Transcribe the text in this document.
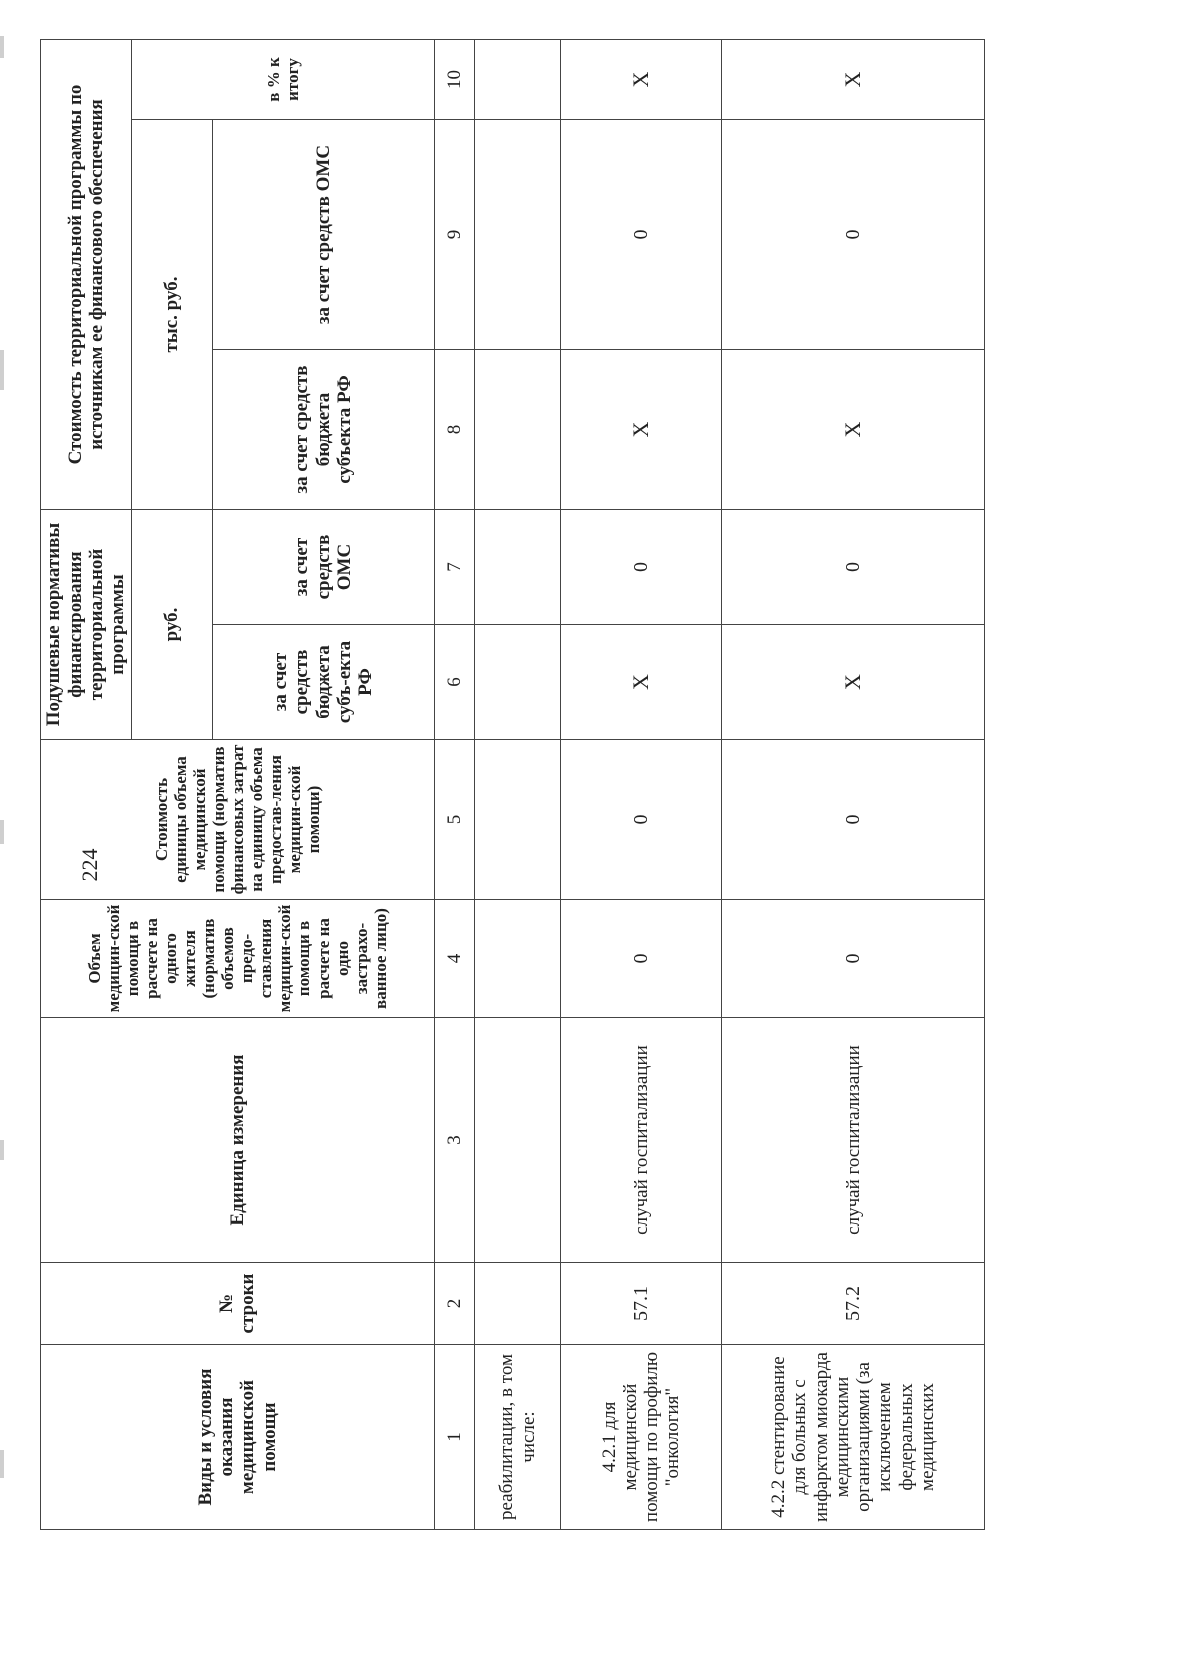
224
Виды и условия оказания медицинской помощи	№ строки	Единица измерения	Объем медицин-ской помощи в расчете на одного жителя (норматив объемов предо-ставления медицин-ской помощи в расчете на одно застрахо-ванное лицо)	Стоимость единицы объема медицинской помощи (норматив финансовых затрат на единицу объема предостав-ления медицин-ской помощи)	Подушевые нормативы финансирования территориальной программы		Стоимость территориальной программы по источникам ее финансового обеспечения		
					руб.		тыс. руб.		в % к итогу
					за счет средств бюджета субъ-екта РФ	за счет средств ОМС	за счет средств бюджета субъекта РФ	за счет средств ОМС	
1	2	3	4	5	6	7	8	9	10
реабилитации, в том числе:									
4.2.1 для медицинской помощи по профилю "онкология"	57.1	случай госпитализации	0	0	Х	0	Х	0	Х
4.2.2 стентирование для больных с инфарктом миокарда медицинскими организациями (за исключением федеральных медицинских	57.2	случай госпитализации	0	0	Х	0	Х	0	Х
